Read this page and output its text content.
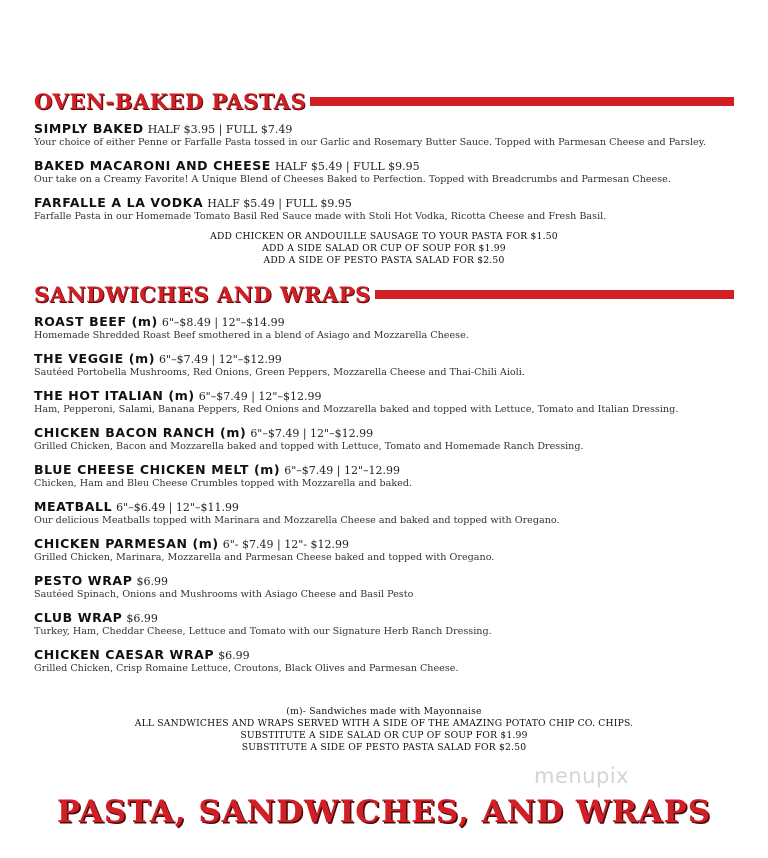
OVEN-BAKED PASTAS
SIMPLY BAKED HALF $3.95 | FULL $7.49
Your choice of either Penne or Farfalle Pasta tossed in our Garlic and Rosemary Butter Sauce. Topped with Parmesan Cheese and Parsley.
BAKED MACARONI AND CHEESE HALF $5.49 | FULL $9.95
Our take on a Creamy Favorite! A Unique Blend of Cheeses Baked to Perfection. Topped with Breadcrumbs and Parmesan Cheese.
FARFALLE A LA VODKA HALF $5.49 | FULL $9.95
Farfalle Pasta in our Homemade Tomato Basil Red Sauce made with Stoli Hot Vodka, Ricotta Cheese and Fresh Basil.
ADD CHICKEN OR ANDOUILLE SAUSAGE TO YOUR PASTA FOR $1.50
ADD A SIDE SALAD OR CUP OF SOUP FOR $1.99
ADD A SIDE OF PESTO PASTA SALAD FOR $2.50
SANDWICHES AND WRAPS
ROAST BEEF (m) 6"–$8.49 | 12"–$14.99
Homemade Shredded Roast Beef smothered in a blend of Asiago and Mozzarella Cheese.
THE VEGGIE (m) 6"–$7.49 | 12"–$12.99
Sautéed Portobella Mushrooms, Red Onions, Green Peppers, Mozzarella Cheese and Thai-Chili Aioli.
THE HOT ITALIAN (m) 6"–$7.49 | 12"–$12.99
Ham, Pepperoni, Salami, Banana Peppers, Red Onions and Mozzarella baked and topped with Lettuce, Tomato and Italian Dressing.
CHICKEN BACON RANCH (m) 6"–$7.49 | 12"–$12.99
Grilled Chicken, Bacon and Mozzarella baked and topped with Lettuce, Tomato and Homemade Ranch Dressing.
BLUE CHEESE CHICKEN MELT (m) 6"–$7.49 | 12"–12.99
Chicken, Ham and Bleu Cheese Crumbles topped with Mozzarella and baked.
MEATBALL 6"–$6.49 | 12"–$11.99
Our delicious Meatballs topped with Marinara and Mozzarella Cheese and baked and topped with Oregano.
CHICKEN PARMESAN (m) 6"- $7.49 | 12"- $12.99
Grilled Chicken, Marinara, Mozzarella and Parmesan Cheese baked and topped with Oregano.
PESTO WRAP $6.99
Sautéed Spinach, Onions and Mushrooms with Asiago Cheese and Basil Pesto
CLUB WRAP $6.99
Turkey, Ham, Cheddar Cheese, Lettuce and Tomato with our Signature Herb Ranch Dressing.
CHICKEN CAESAR WRAP $6.99
Grilled Chicken, Crisp Romaine Lettuce, Croutons, Black Olives and Parmesan Cheese.
(m)- Sandwiches made with Mayonnaise
ALL SANDWICHES AND WRAPS SERVED WITH A SIDE OF THE AMAZING POTATO CHIP CO. CHIPS.
SUBSTITUTE A SIDE SALAD OR CUP OF SOUP FOR $1.99
SUBSTITUTE A SIDE OF PESTO PASTA SALAD FOR $2.50
menupix
PASTA, SANDWICHES, AND WRAPS
